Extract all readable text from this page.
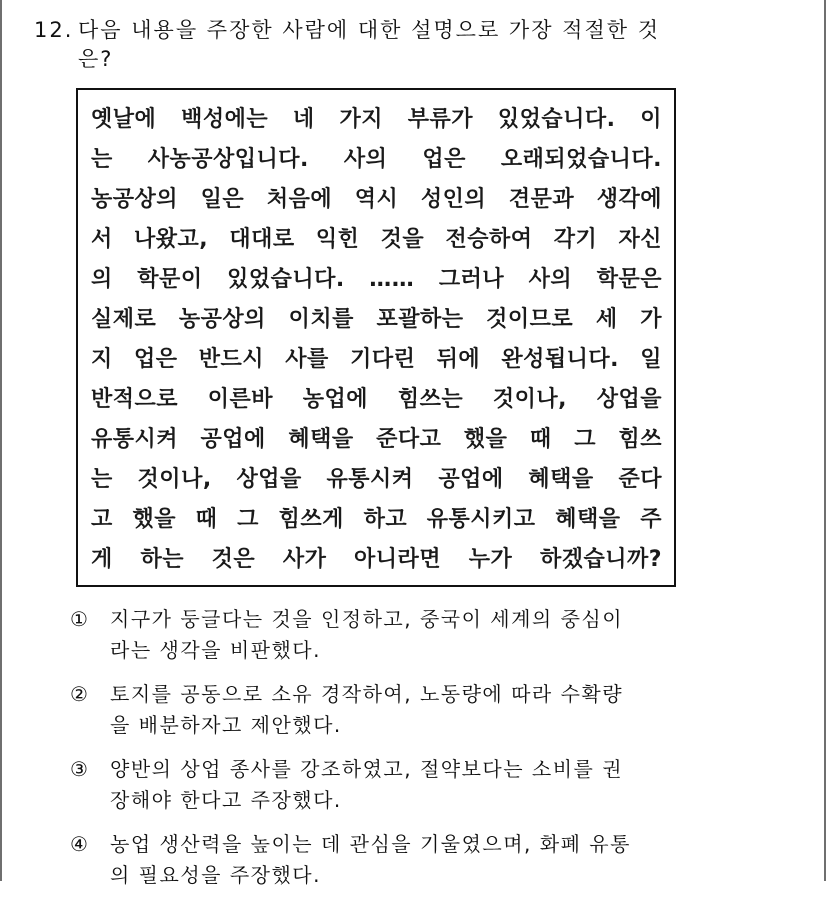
12. 다음 내용을 주장한 사람에 대한 설명으로 가장 적절한 것
은?
옛날에 백성에는 네 가지 부류가 있었습니다. 이
는 사농공상입니다. 사의 업은 오래되었습니다.
농공상의 일은 처음에 역시 성인의 견문과 생각에
서 나왔고, 대대로 익힌 것을 전승하여 각기 자신
의 학문이 있었습니다. …… 그러나 사의 학문은
실제로 농공상의 이치를 포괄하는 것이므로 세 가
지 업은 반드시 사를 기다린 뒤에 완성됩니다. 일
반적으로 이른바 농업에 힘쓰는 것이나, 상업을
유통시켜 공업에 혜택을 준다고 했을 때 그 힘쓰
는 것이나, 상업을 유통시켜 공업에 혜택을 준다
고 했을 때 그 힘쓰게 하고 유통시키고 혜택을 주
게 하는 것은 사가 아니라면 누가 하겠습니까?
①	지구가 둥글다는 것을 인정하고, 중국이 세계의 중심이
라는 생각을 비판했다.
②	토지를 공동으로 소유 경작하여, 노동량에 따라 수확량
을 배분하자고 제안했다.
③	양반의 상업 종사를 강조하였고, 절약보다는 소비를 권
장해야 한다고 주장했다.
④	농업 생산력을 높이는 데 관심을 기울였으며, 화폐 유통
의 필요성을 주장했다.
